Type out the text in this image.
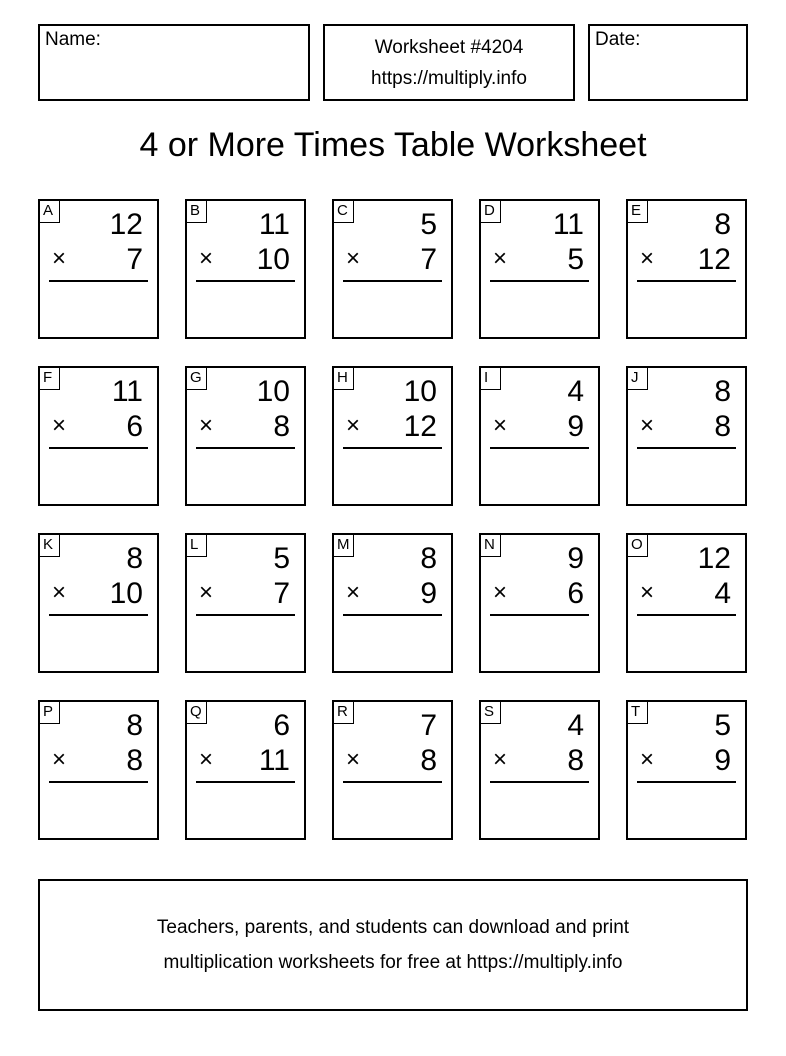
Name:	Worksheet #4204
https://multiply.info
Date:
4 or More Times Table Worksheet
A 12
× 7
B 11
× 10
C 5
× 7
D 11
× 5
E 8
× 12
F 11
× 6
G 10
× 8
H 10
× 12
I	4
× 9
J	8
× 8
K 8
× 10
L 5
× 7
M 8
× 9
N 9
× 6
O 12
× 4
P 8
× 8
Q 6
× 11
R 7
× 8
S 4
× 8
T 5
× 9
Teachers, parents, and students can download and print
multiplication worksheets for free at https://multiply.info
